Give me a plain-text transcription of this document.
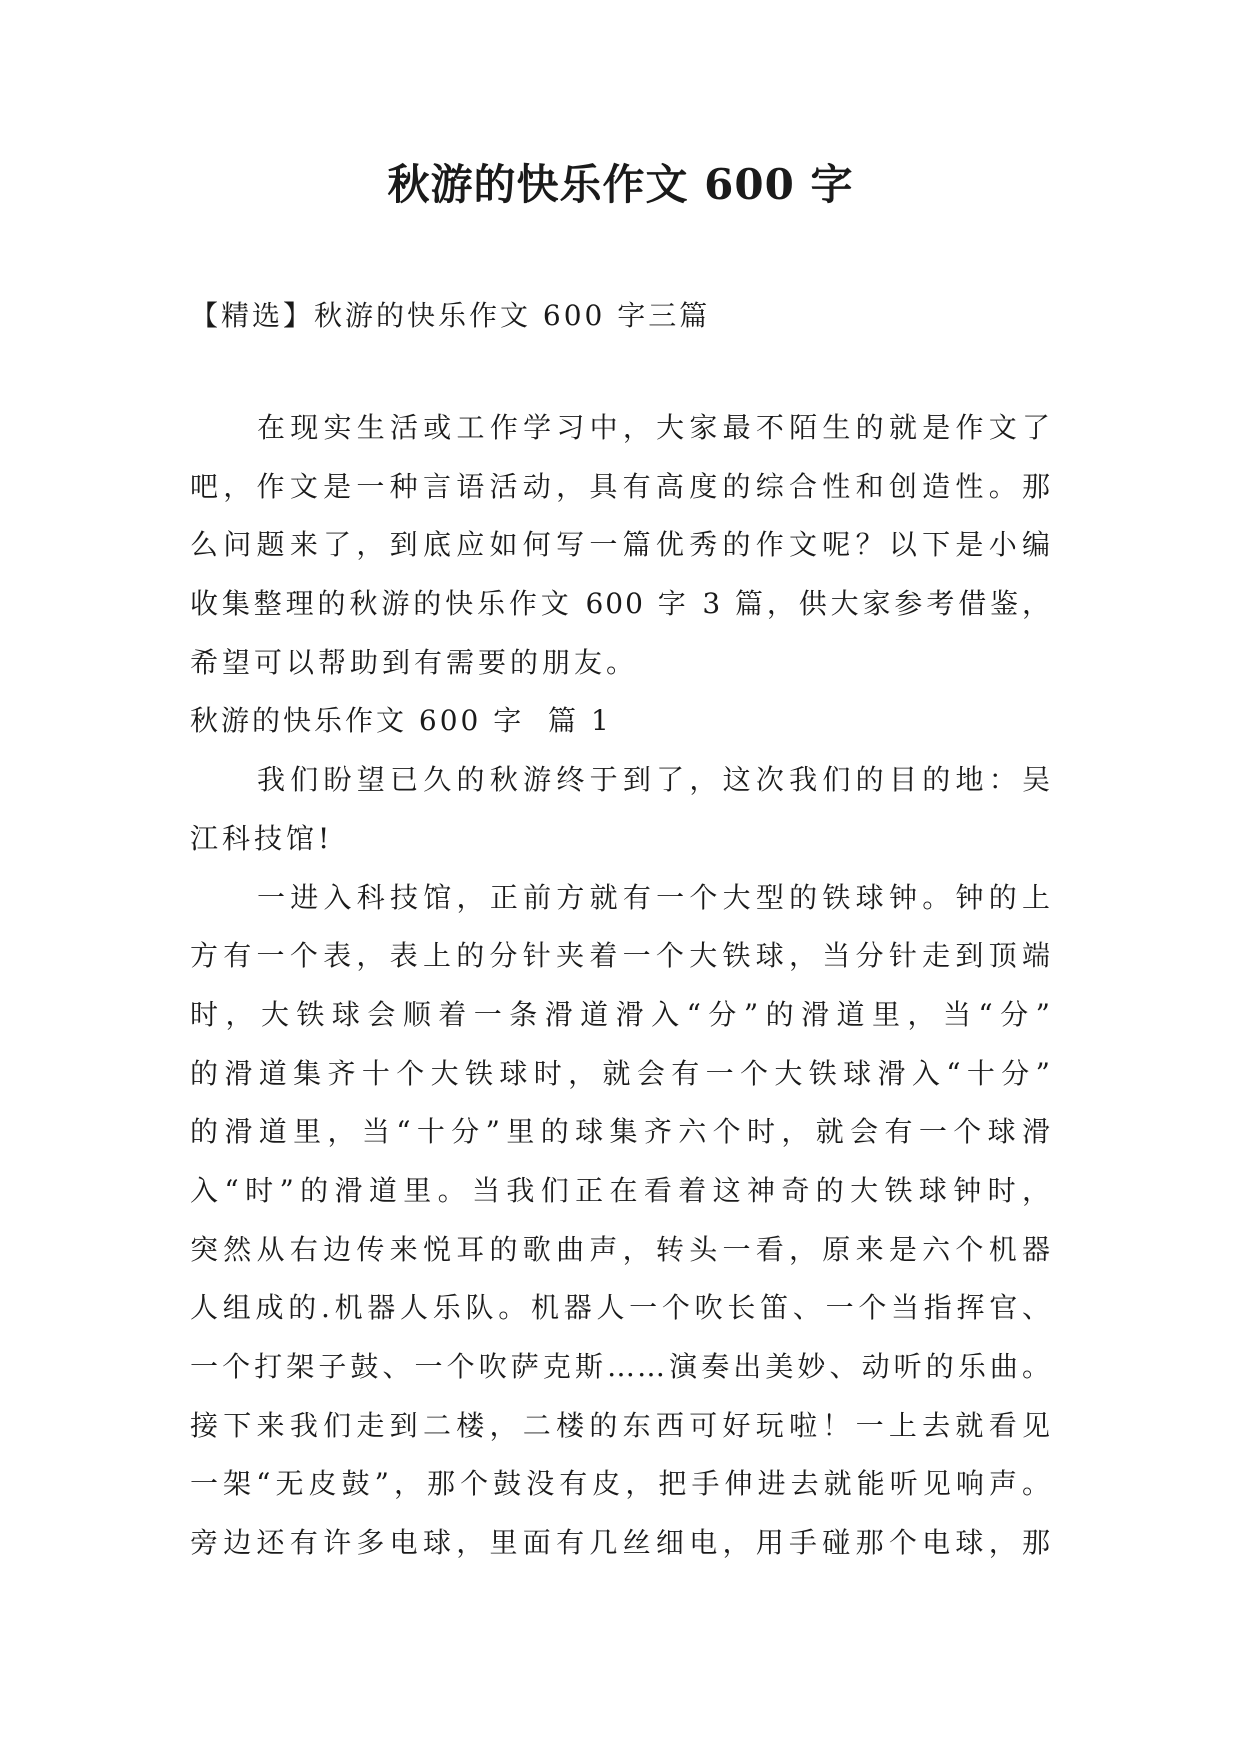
秋游的快乐作文 600 字
【精选】秋游的快乐作文 600 字三篇
在现实生活或工作学习中，大家最不陌生的就是作文了
吧，作文是一种言语活动，具有高度的综合性和创造性。那
么问题来了，到底应如何写一篇优秀的作文呢？以下是小编
收集整理的秋游的快乐作文 600 字 3 篇，供大家参考借鉴，
希望可以帮助到有需要的朋友。
秋游的快乐作文 600 字  篇 1
我们盼望已久的秋游终于到了，这次我们的目的地：吴
江科技馆!
一进入科技馆，正前方就有一个大型的铁球钟。钟的上
方有一个表，表上的分针夹着一个大铁球，当分针走到顶端
时，大铁球会顺着一条滑道滑入“分”的滑道里，当“分”
的滑道集齐十个大铁球时，就会有一个大铁球滑入“十分”
的滑道里，当“十分”里的球集齐六个时，就会有一个球滑
入“时”的滑道里。当我们正在看着这神奇的大铁球钟时，
突然从右边传来悦耳的歌曲声，转头一看，原来是六个机器
人组成的.机器人乐队。机器人一个吹长笛、一个当指挥官、
一个打架子鼓、一个吹萨克斯……演奏出美妙、动听的乐曲。
接下来我们走到二楼，二楼的东西可好玩啦！一上去就看见
一架“无皮鼓”，那个鼓没有皮，把手伸进去就能听见响声。
旁边还有许多电球，里面有几丝细电，用手碰那个电球，那
